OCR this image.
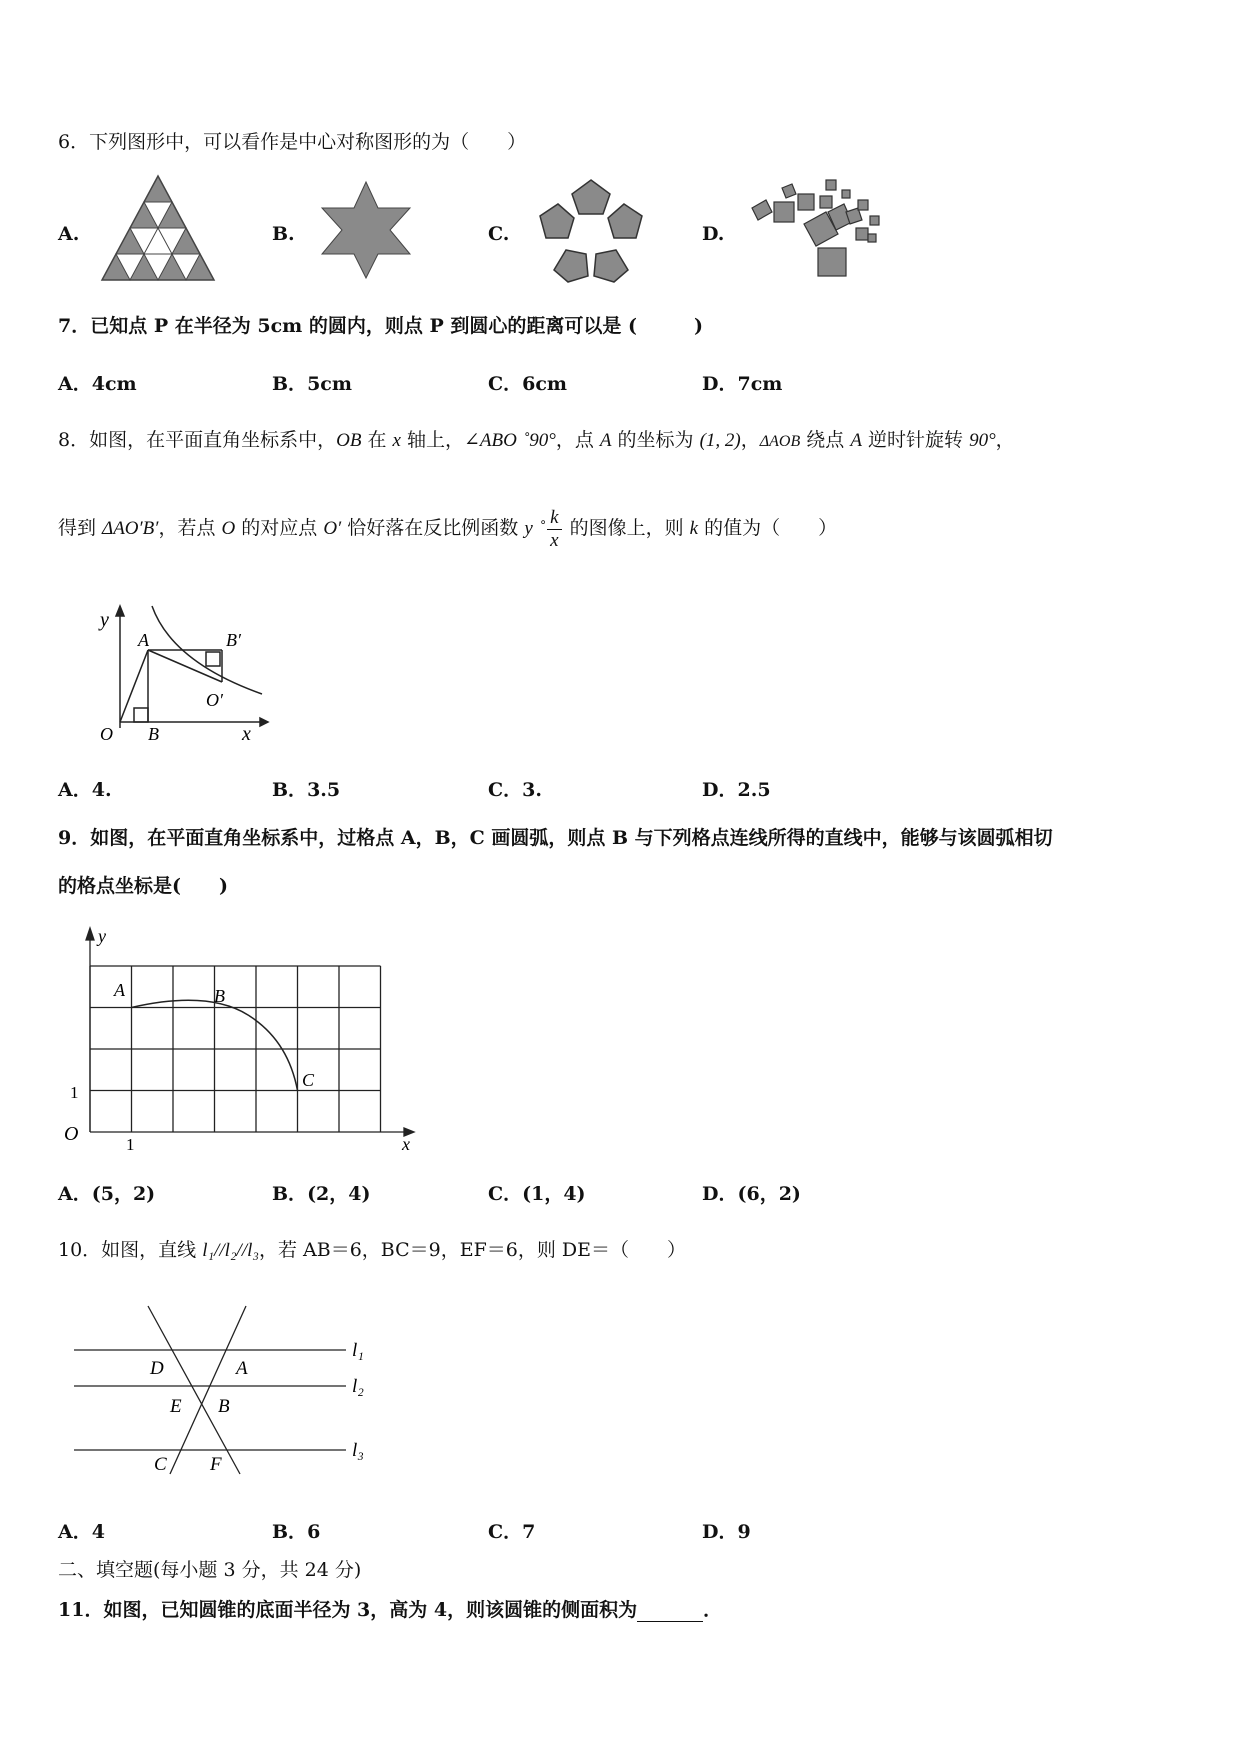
6．下列图形中，可以看作是中心对称图形的为（　　）
A.	B.	C.	D.
7．已知点 P 在半径为 5cm 的圆内，则点 P 到圆心的距离可以是 (　　　)
A．4cm	B．5cm	C．6cm	D．7cm
8．如图，在平面直角坐标系中，OB 在 x 轴上，∠ABO ˚90°，点 A 的坐标为 (1, 2)，ΔAOB 绕点 A 逆时针旋转 90°，
得到 ΔAO′B′，若点 O 的对应点 O′ 恰好落在反比例函数 y ˚ $\frac{k}{x}$ 的图像上，则 k 的值为（　　）
y
x
A	B′
O′
O B
A．4.	B．3.5	C．3.	D．2.5
9．如图，在平面直角坐标系中，过格点 A，B，C 画圆弧，则点 B 与下列格点连线所得的直线中，能够与该圆弧相切
的格点坐标是(　　)
y
x
O	1
1
A	B
C
A．(5，2)	B．(2，4)	C．(1，4)	D．(6，2)
10．如图，直线 l₁//l₂//l₃，若 AB＝6，BC＝9，EF＝6，则 DE＝（　　）
D	A
E B
C F
l₁
l₂
l₃
A．4	B．6	C．7	D．9
二、填空题(每小题 3 分，共 24 分)
11．如图，已知圆锥的底面半径为 3，高为 4，则该圆锥的侧面积为	．
